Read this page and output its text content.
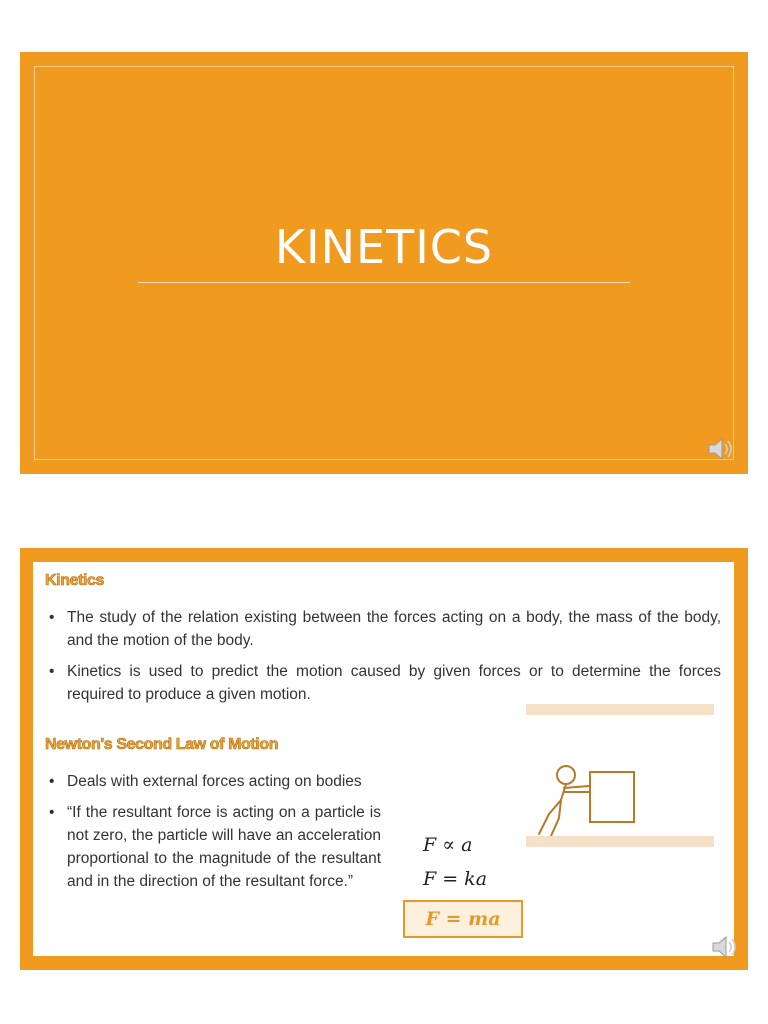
KINETICS
Kinetics
• The study of the relation existing between the forces acting on a body, the mass of the body, and the motion of the body.
• Kinetics is used to predict the motion caused by given forces or to determine the forces required to produce a given motion.
Newton's Second Law of Motion
• Deals with external forces acting on bodies
• “If the resultant force is acting on a particle is not zero, the particle will have an acceleration proportional to the magnitude of the resultant and in the direction of the resultant force.”
F ∝ a
F = ka
F = ma
